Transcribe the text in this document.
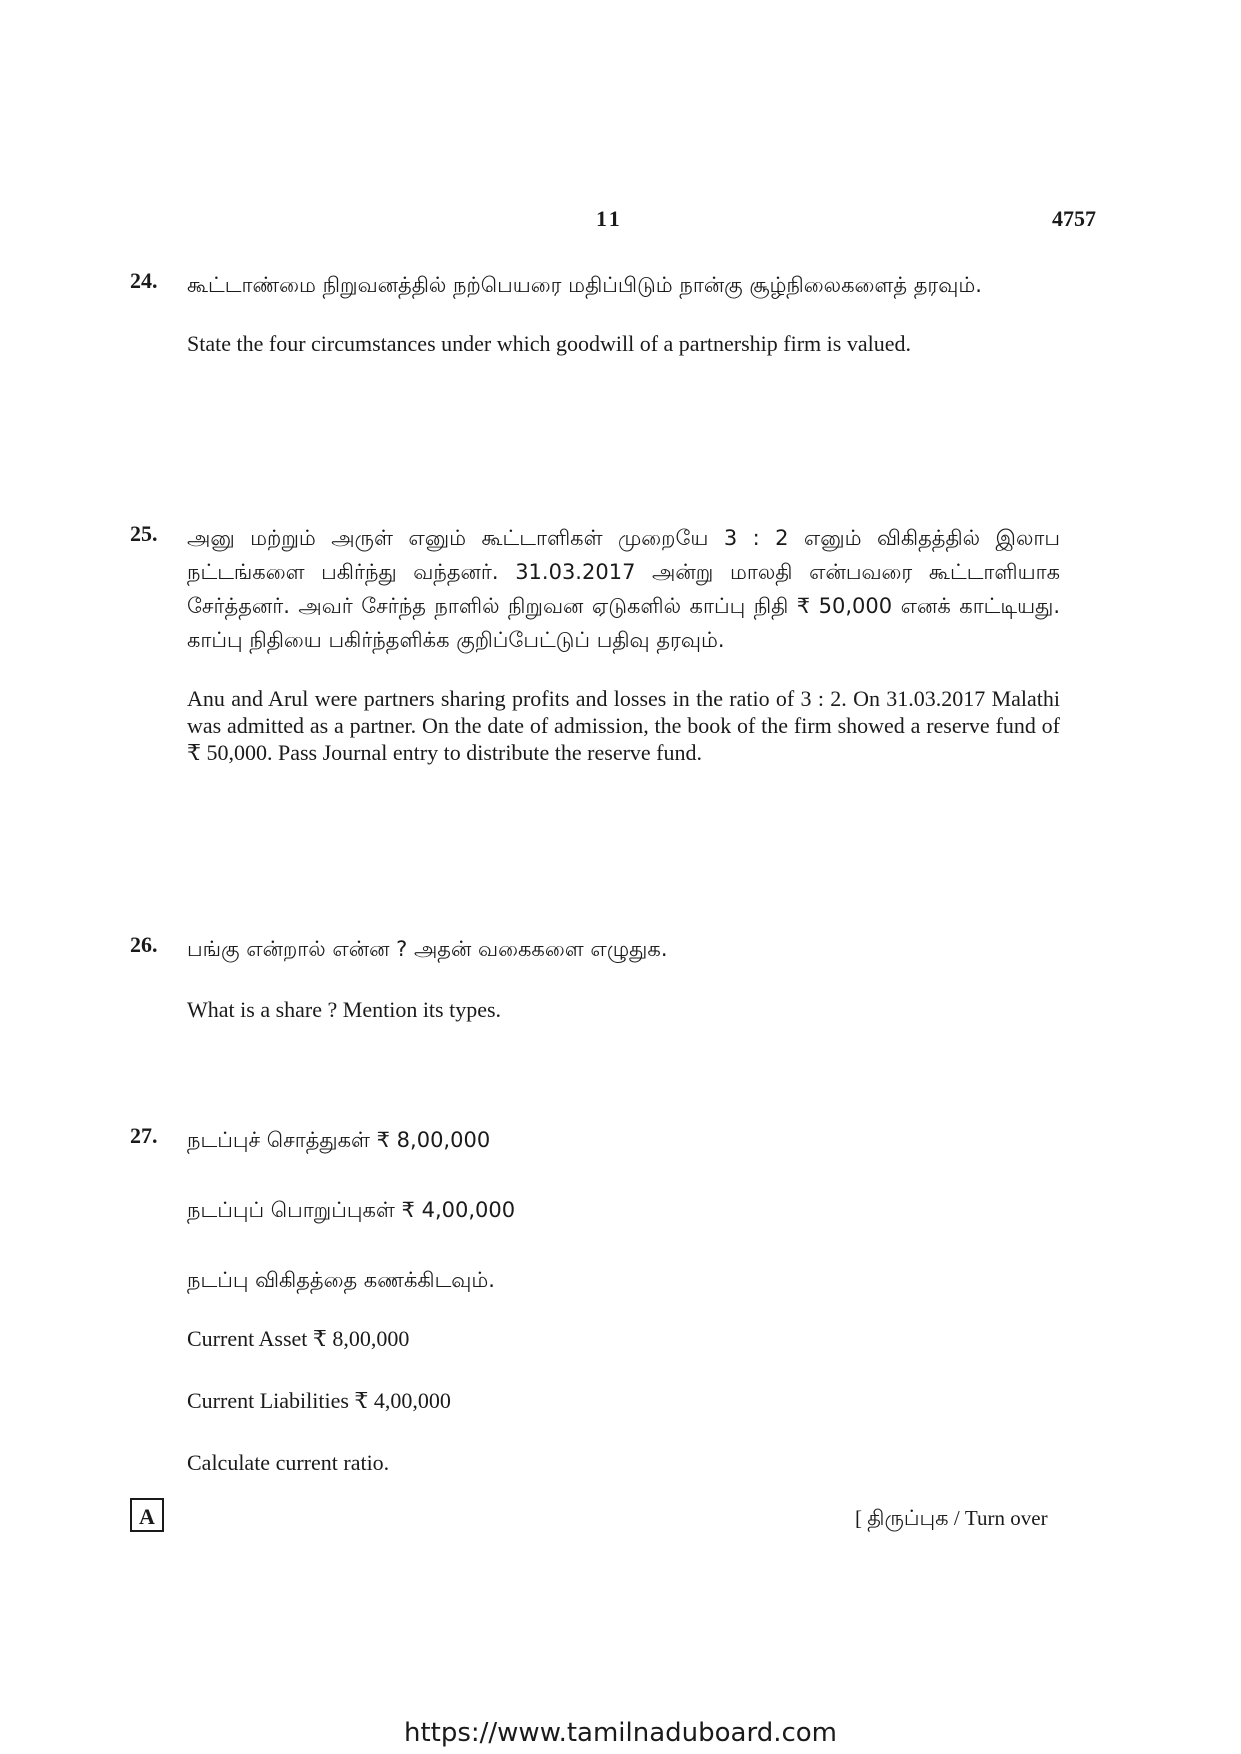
11	4757
24. கூட்டாண்மை நிறுவனத்தில் நற்பெயரை மதிப்பிடும் நான்கு சூழ்நிலைகளைத் தரவும்.

State the four circumstances under which goodwill of a partnership firm is valued.

25. அனு மற்றும் அருள் எனும் கூட்டாளிகள் முறையே 3 : 2 எனும் விகிதத்தில் இலாப நட்டங்களை பகிர்ந்து வந்தனர். 31.03.2017 அன்று மாலதி என்பவரை கூட்டாளியாக சேர்த்தனர். அவர் சேர்ந்த நாளில் நிறுவன ஏடுகளில் காப்பு நிதி ₹ 50,000 எனக் காட்டியது. காப்பு நிதியை பகிர்ந்தளிக்க குறிப்பேட்டுப் பதிவு தரவும்.

Anu and Arul were partners sharing profits and losses in the ratio of 3 : 2. On 31.03.2017 Malathi was admitted as a partner. On the date of admission, the book of the firm showed a reserve fund of ₹ 50,000. Pass Journal entry to distribute the reserve fund.

26. பங்கு என்றால் என்ன ? அதன் வகைகளை எழுதுக.

What is a share ? Mention its types.

27. நடப்புச் சொத்துகள் ₹ 8,00,000

நடப்புப் பொறுப்புகள் ₹ 4,00,000

நடப்பு விகிதத்தை கணக்கிடவும்.

Current Asset ₹ 8,00,000

Current Liabilities ₹ 4,00,000

Calculate current ratio.

A	[ திருப்புக / Turn over
https://www.tamilnaduboard.com
